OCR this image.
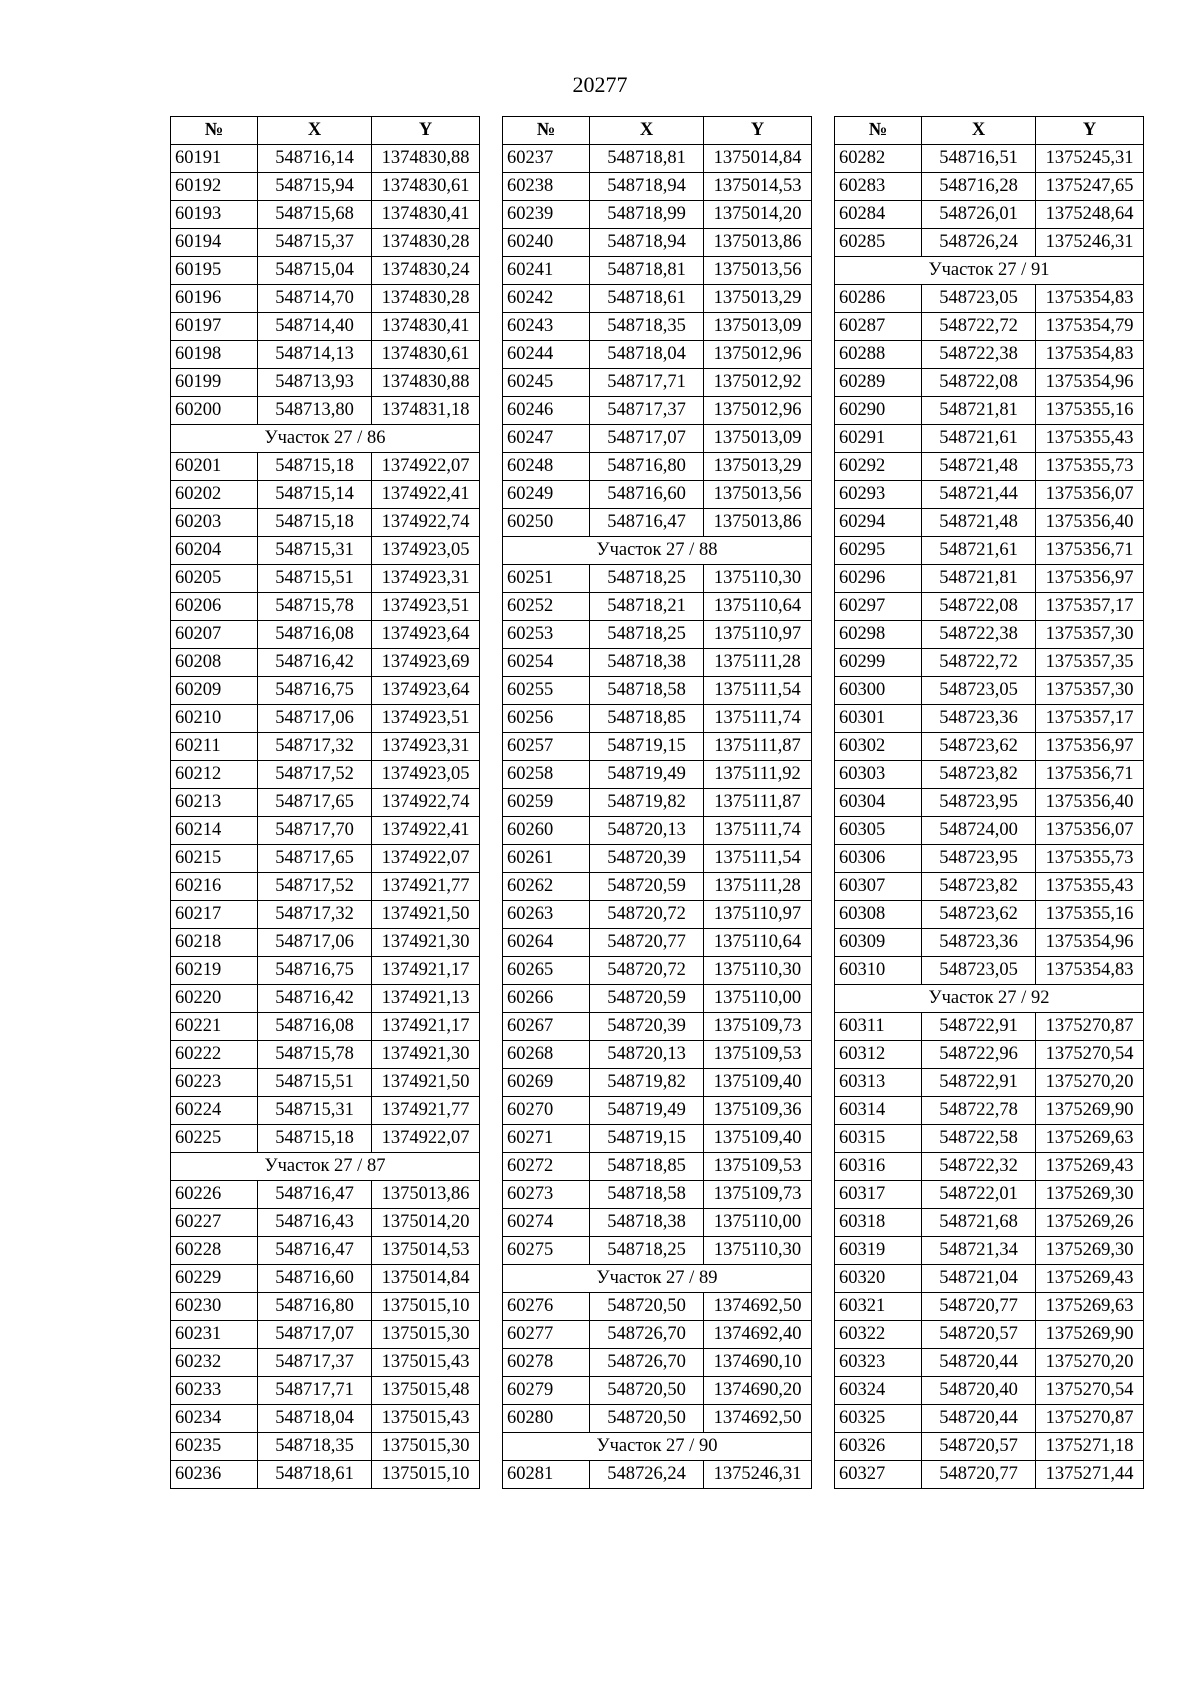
20277
№	X	Y
60191	548716,14	1374830,88
60192	548715,94	1374830,61
60193	548715,68	1374830,41
60194	548715,37	1374830,28
60195	548715,04	1374830,24
60196	548714,70	1374830,28
60197	548714,40	1374830,41
60198	548714,13	1374830,61
60199	548713,93	1374830,88
60200	548713,80	1374831,18
Участок 27 / 86		
60201	548715,18	1374922,07
60202	548715,14	1374922,41
60203	548715,18	1374922,74
60204	548715,31	1374923,05
60205	548715,51	1374923,31
60206	548715,78	1374923,51
60207	548716,08	1374923,64
60208	548716,42	1374923,69
60209	548716,75	1374923,64
60210	548717,06	1374923,51
60211	548717,32	1374923,31
60212	548717,52	1374923,05
60213	548717,65	1374922,74
60214	548717,70	1374922,41
60215	548717,65	1374922,07
60216	548717,52	1374921,77
60217	548717,32	1374921,50
60218	548717,06	1374921,30
60219	548716,75	1374921,17
60220	548716,42	1374921,13
60221	548716,08	1374921,17
60222	548715,78	1374921,30
60223	548715,51	1374921,50
60224	548715,31	1374921,77
60225	548715,18	1374922,07
Участок 27 / 87		
60226	548716,47	1375013,86
60227	548716,43	1375014,20
60228	548716,47	1375014,53
60229	548716,60	1375014,84
60230	548716,80	1375015,10
60231	548717,07	1375015,30
60232	548717,37	1375015,43
60233	548717,71	1375015,48
60234	548718,04	1375015,43
60235	548718,35	1375015,30
60236	548718,61	1375015,10
№	X	Y
60237	548718,81	1375014,84
60238	548718,94	1375014,53
60239	548718,99	1375014,20
60240	548718,94	1375013,86
60241	548718,81	1375013,56
60242	548718,61	1375013,29
60243	548718,35	1375013,09
60244	548718,04	1375012,96
60245	548717,71	1375012,92
60246	548717,37	1375012,96
60247	548717,07	1375013,09
60248	548716,80	1375013,29
60249	548716,60	1375013,56
60250	548716,47	1375013,86
Участок 27 / 88		
60251	548718,25	1375110,30
60252	548718,21	1375110,64
60253	548718,25	1375110,97
60254	548718,38	1375111,28
60255	548718,58	1375111,54
60256	548718,85	1375111,74
60257	548719,15	1375111,87
60258	548719,49	1375111,92
60259	548719,82	1375111,87
60260	548720,13	1375111,74
60261	548720,39	1375111,54
60262	548720,59	1375111,28
60263	548720,72	1375110,97
60264	548720,77	1375110,64
60265	548720,72	1375110,30
60266	548720,59	1375110,00
60267	548720,39	1375109,73
60268	548720,13	1375109,53
60269	548719,82	1375109,40
60270	548719,49	1375109,36
60271	548719,15	1375109,40
60272	548718,85	1375109,53
60273	548718,58	1375109,73
60274	548718,38	1375110,00
60275	548718,25	1375110,30
Участок 27 / 89		
60276	548720,50	1374692,50
60277	548726,70	1374692,40
60278	548726,70	1374690,10
60279	548720,50	1374690,20
60280	548720,50	1374692,50
Участок 27 / 90		
60281	548726,24	1375246,31
№	X	Y
60282	548716,51	1375245,31
60283	548716,28	1375247,65
60284	548726,01	1375248,64
60285	548726,24	1375246,31
Участок 27 / 91		
60286	548723,05	1375354,83
60287	548722,72	1375354,79
60288	548722,38	1375354,83
60289	548722,08	1375354,96
60290	548721,81	1375355,16
60291	548721,61	1375355,43
60292	548721,48	1375355,73
60293	548721,44	1375356,07
60294	548721,48	1375356,40
60295	548721,61	1375356,71
60296	548721,81	1375356,97
60297	548722,08	1375357,17
60298	548722,38	1375357,30
60299	548722,72	1375357,35
60300	548723,05	1375357,30
60301	548723,36	1375357,17
60302	548723,62	1375356,97
60303	548723,82	1375356,71
60304	548723,95	1375356,40
60305	548724,00	1375356,07
60306	548723,95	1375355,73
60307	548723,82	1375355,43
60308	548723,62	1375355,16
60309	548723,36	1375354,96
60310	548723,05	1375354,83
Участок 27 / 92		
60311	548722,91	1375270,87
60312	548722,96	1375270,54
60313	548722,91	1375270,20
60314	548722,78	1375269,90
60315	548722,58	1375269,63
60316	548722,32	1375269,43
60317	548722,01	1375269,30
60318	548721,68	1375269,26
60319	548721,34	1375269,30
60320	548721,04	1375269,43
60321	548720,77	1375269,63
60322	548720,57	1375269,90
60323	548720,44	1375270,20
60324	548720,40	1375270,54
60325	548720,44	1375270,87
60326	548720,57	1375271,18
60327	548720,77	1375271,44
